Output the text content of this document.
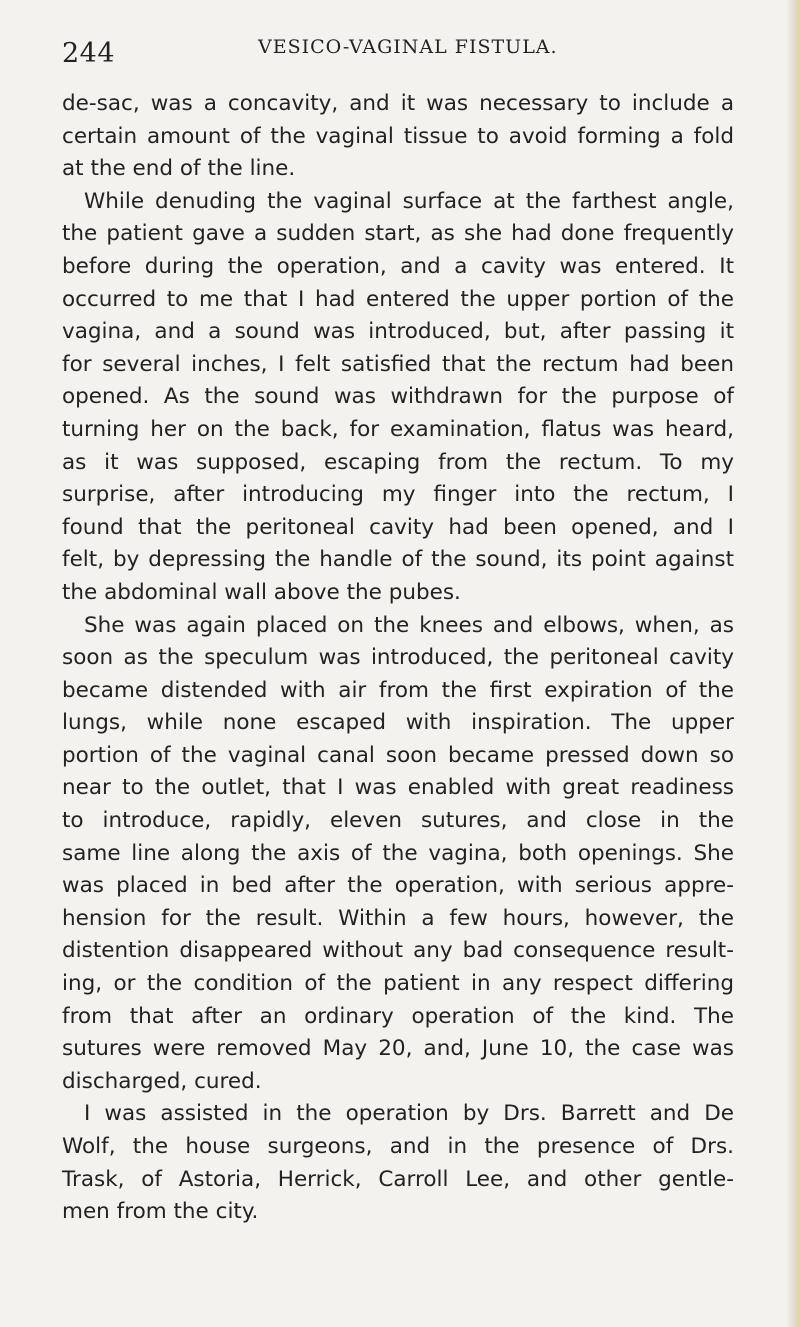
244	VESICO-VAGINAL FISTULA.
de-sac, was a concavity, and it was necessary to include a
certain amount of the vaginal tissue to avoid forming a fold
at the end of the line.
While denuding the vaginal surface at the farthest angle,
the patient gave a sudden start, as she had done frequently
before during the operation, and a cavity was entered. It
occurred to me that I had entered the upper portion of the
vagina, and a sound was introduced, but, after passing it
for several inches, I felt satisfied that the rectum had been
opened. As the sound was withdrawn for the purpose of
turning her on the back, for examination, flatus was heard,
as it was supposed, escaping from the rectum. To my
surprise, after introducing my finger into the rectum, I
found that the peritoneal cavity had been opened, and I
felt, by depressing the handle of the sound, its point against
the abdominal wall above the pubes.
She was again placed on the knees and elbows, when, as
soon as the speculum was introduced, the peritoneal cavity
became distended with air from the first expiration of the
lungs, while none escaped with inspiration. The upper
portion of the vaginal canal soon became pressed down so
near to the outlet, that I was enabled with great readiness
to introduce, rapidly, eleven sutures, and close in the
same line along the axis of the vagina, both openings. She
was placed in bed after the operation, with serious appre-
hension for the result. Within a few hours, however, the
distention disappeared without any bad consequence result-
ing, or the condition of the patient in any respect differing
from that after an ordinary operation of the kind. The
sutures were removed May 20, and, June 10, the case was
discharged, cured.
I was assisted in the operation by Drs. Barrett and De
Wolf, the house surgeons, and in the presence of Drs.
Trask, of Astoria, Herrick, Carroll Lee, and other gentle-
men from the city.
